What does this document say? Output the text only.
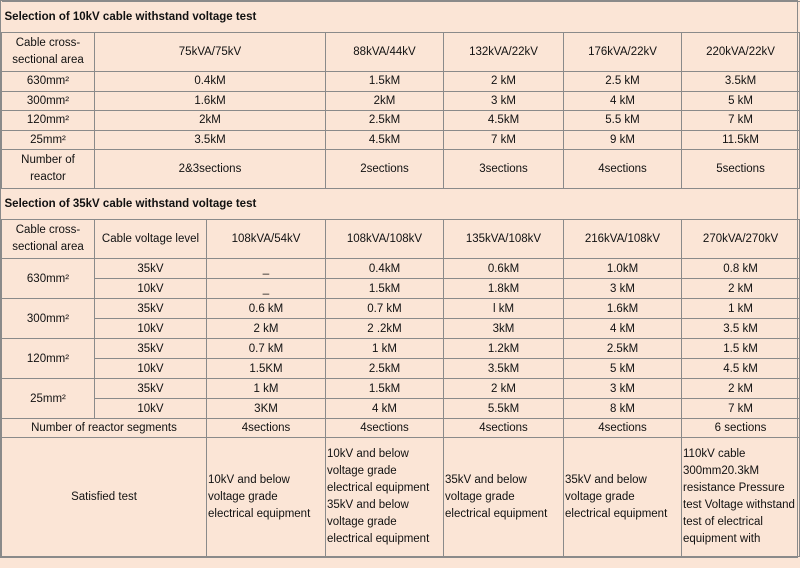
Selection of 10kV cable withstand voltage test							
Cable cross-sectional area	75kVA/75kV		88kVA/44kV	132kVA/22kV	176kVA/22kV	220kVA/22kV	
630mm²	0.4kM		1.5kM	2 kM	2.5 kM	3.5kM	
300mm²	1.6kM		2kM	3 kM	4 kM	5 kM	
120mm²	2kM		2.5kM	4.5kM	5.5 kM	7 kM	
25mm²	3.5kM		4.5kM	7 kM	9 kM	11.5kM	
Number of reactor	2&3sections		2sections	3sections	4sections	5sections	
Selection of 35kV cable withstand voltage test							
Cable cross-sectional area	Cable voltage level	108kVA/54kV	108kVA/108kV	135kVA/108kV	216kVA/108kV	270kVA/270kV	
630mm²	35kV	_	0.4kM	0.6kM	1.0kM	0.8 kM	
	10kV	_	1.5kM	1.8kM	3 kM	2 kM	
300mm²	35kV	0.6 kM	0.7 kM	l kM	1.6kM	1 kM	
	10kV	2 kM	2 .2kM	3kM	4 kM	3.5 kM	
120mm²	35kV	0.7 kM	1 kM	1.2kM	2.5kM	1.5 kM	
	10kV	1.5KM	2.5kM	3.5kM	5 kM	4.5 kM	
25mm²	35kV	1 kM	1.5kM	2 kM	3 kM	2 kM	
	10kV	3KM	4 kM	5.5kM	8 kM	7 kM	
Number of reactor segments		4sections	4sections	4sections	4sections	6 sections	
Satisfied test		10kV and below voltage grade electrical equipment	10kV and below voltage grade electrical equipment 35kV and below voltage grade electrical equipment	35kV and below voltage grade electrical equipment	35kV and below voltage grade electrical equipment	110kV cable 300mm20.3kM resistance Pressure test Voltage withstand test of electrical equipment with	
